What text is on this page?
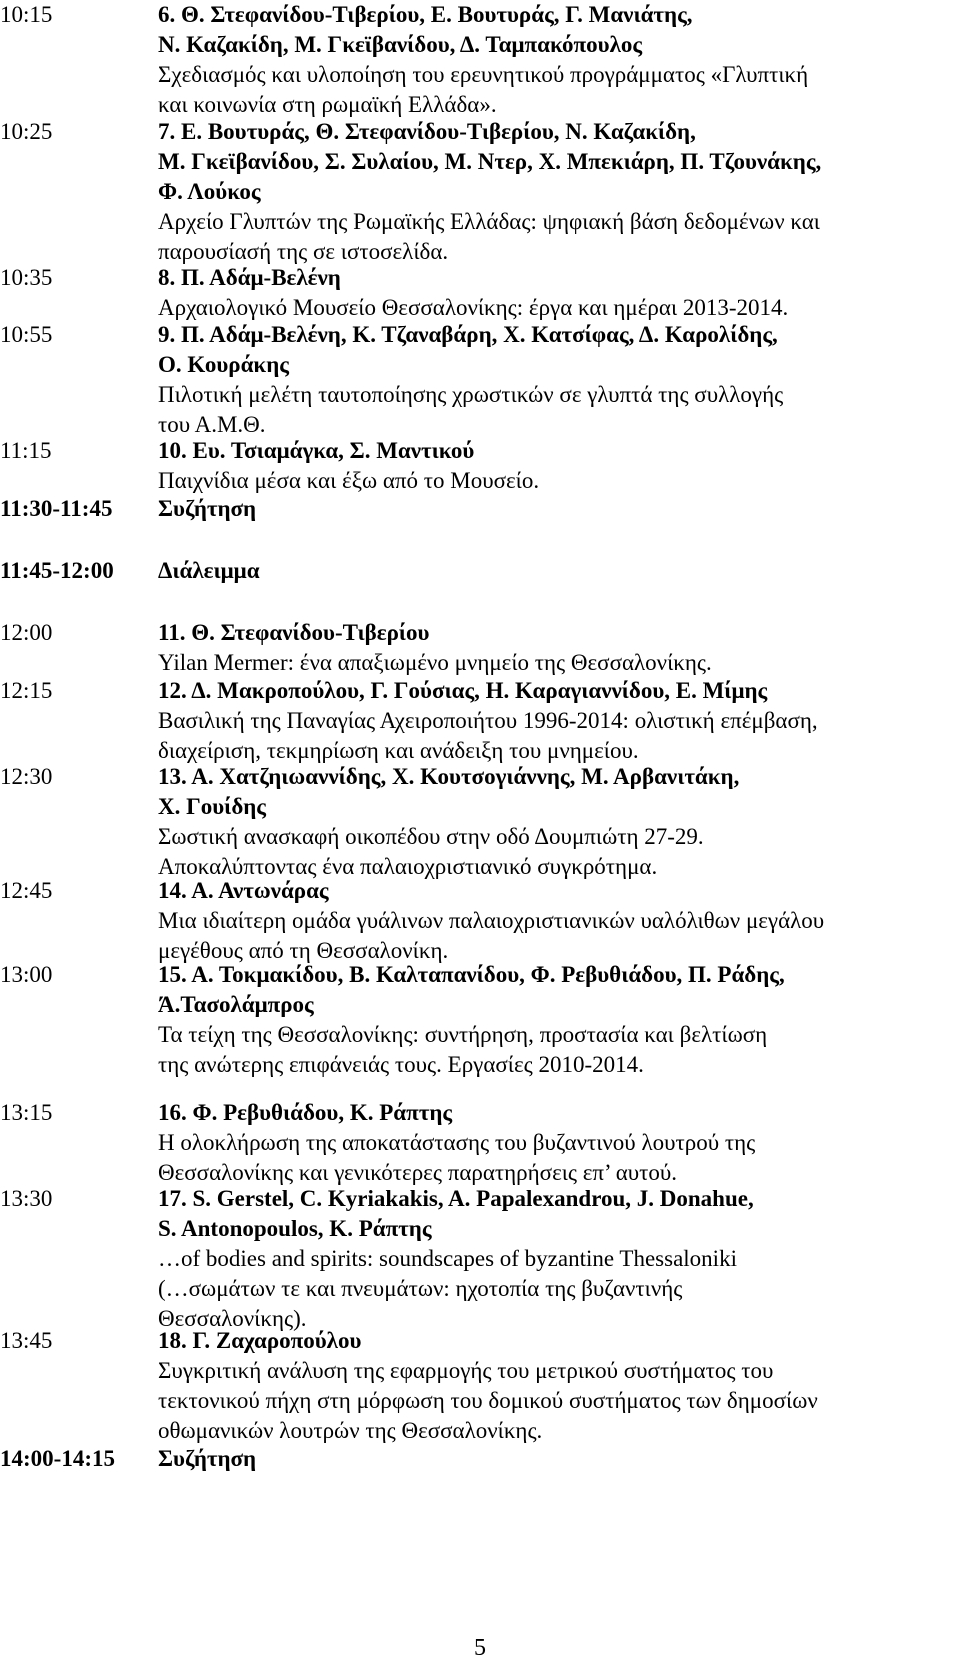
10:15	6. Θ. Στεφανίδου-Τιβερίου, Ε. Βουτυράς, Γ. Μανιάτης,
Ν. Καζακίδη, Μ. Γκεϊβανίδου, Δ. Ταμπακόπουλος
Σχεδιασμός και υλοποίηση του ερευνητικού προγράμματος «Γλυπτική
και κοινωνία στη ρωμαϊκή Ελλάδα».
10:25	7. Ε. Βουτυράς, Θ. Στεφανίδου-Τιβερίου, Ν. Καζακίδη,
Μ. Γκεϊβανίδου, Σ. Συλαίου, Μ. Ντερ, Χ. Μπεκιάρη, Π. Τζουνάκης,
Φ. Λούκος
Αρχείο Γλυπτών της Ρωμαϊκής Ελλάδας: ψηφιακή βάση δεδομένων και
παρουσίασή της σε ιστοσελίδα.
10:35	8. Π. Αδάμ-Βελένη
Αρχαιολογικό Μουσείο Θεσσαλονίκης: έργα και ημέραι 2013-2014.
10:55	9. Π. Αδάμ-Βελένη, Κ. Τζαναβάρη, Χ. Κατσίφας, Δ. Καρολίδης,
Ο. Κουράκης
Πιλοτική μελέτη ταυτοποίησης χρωστικών σε γλυπτά της συλλογής
του Α.Μ.Θ.
11:15	10. Ευ. Τσιαμάγκα, Σ. Μαντικού
Παιχνίδια μέσα και έξω από το Μουσείο.
11:30-11:45 Συζήτηση
11:45-12:00 Διάλειμμα
12:00	11. Θ. Στεφανίδου-Τιβερίου
Yilan Mermer: ένα απαξιωμένο μνημείο της Θεσσαλονίκης.
12:15	12. Δ. Μακροπούλου, Γ. Γούσιας, Η. Καραγιαννίδου, Ε. Μίμης
Βασιλική της Παναγίας Αχειροποιήτου 1996-2014: ολιστική επέμβαση,
διαχείριση, τεκμηρίωση και ανάδειξη του μνημείου.
12:30	13. Α. Χατζηιωαννίδης, Χ. Κουτσογιάννης, Μ. Αρβανιτάκη,
Χ. Γουίδης
Σωστική ανασκαφή οικοπέδου στην οδό Δουμπιώτη 27-29.
Αποκαλύπτοντας ένα παλαιοχριστιανικό συγκρότημα.
12:45	14. Α. Αντωνάρας
Μια ιδιαίτερη ομάδα γυάλινων παλαιοχριστιανικών υαλόλιθων μεγάλου
μεγέθους από τη Θεσσαλονίκη.
13:00	15. Α. Τοκμακίδου, Β. Καλταπανίδου, Φ. Ρεβυθιάδου, Π. Ράδης,
Ά.Τασολάμπρος
Τα τείχη της Θεσσαλονίκης: συντήρηση, προστασία και βελτίωση
της ανώτερης επιφάνειάς τους. Εργασίες 2010-2014.
13:15	16. Φ. Ρεβυθιάδου, Κ. Ράπτης
Η ολοκλήρωση της αποκατάστασης του βυζαντινού λουτρού της
Θεσσαλονίκης και γενικότερες παρατηρήσεις επ’ αυτού.
13:30	17. S. Gerstel, C. Kyriakakis, A. Papalexandrou, J. Donahue,
S. Antonopoulos, Κ. Ράπτης
…of bodies and spirits: soundscapes of byzantine Thessaloniki
(…σωμάτων τε και πνευμάτων: ηχοτοπία της βυζαντινής
Θεσσαλονίκης).
13:45	18. Γ. Ζαχαροπούλου
Συγκριτική ανάλυση της εφαρμογής του μετρικού συστήματος του
τεκτονικού πήχη στη μόρφωση του δομικού συστήματος των δημοσίων
οθωμανικών λουτρών της Θεσσαλονίκης.
14:00-14:15 Συζήτηση
5
